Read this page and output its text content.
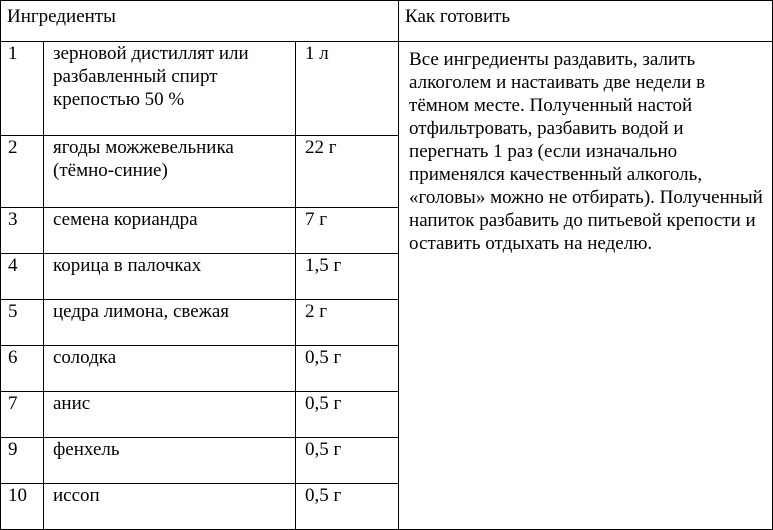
Ингредиенты			Как готовить
1	зерновой дистиллят или разбавленный спирт крепостью 50 %	1 л	Все ингредиенты раздавить, залить алкоголем и настаивать две недели в тёмном месте. Полученный настой отфильтровать, разбавить водой и перегнать 1 раз (если изначально применялся качественный алкоголь, «головы» можно не отбирать). Полученный напиток разбавить до питьевой крепости и оставить отдыхать на неделю.
2	ягоды можжевельника (тёмно-синие)	22 г	
3	семена кориандра	7 г	
4	корица в палочках	1,5 г	
5	цедра лимона, свежая	2 г	
6	солодка	0,5 г	
7	анис	0,5 г	
9	фенхель	0,5 г	
10	иссоп	0,5 г	
